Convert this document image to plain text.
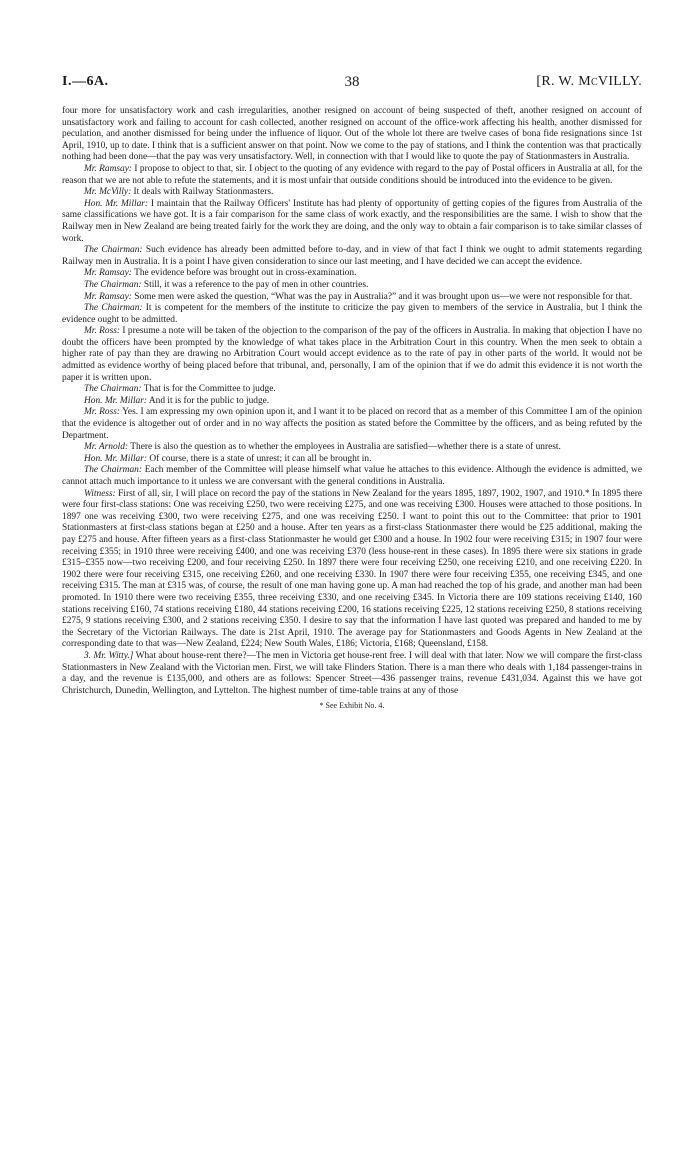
I.—6A.	38	[R. W. McVILLY.

four more for unsatisfactory work and cash irregularities, another resigned on account of being suspected of theft, another resigned on account of unsatisfactory work and failing to account for cash collected, another resigned on account of the office-work affecting his health, another dismissed for peculation, and another dismissed for being under the influence of liquor. Out of the whole lot there are twelve cases of bona fide resignations since 1st April, 1910, up to date. I think that is a sufficient answer on that point. Now we come to the pay of stations, and I think the contention was that practically nothing had been done—that the pay was very unsatisfactory. Well, in connection with that I would like to quote the pay of Stationmasters in Australia.

Mr. Ramsay: I propose to object to that, sir. I object to the quoting of any evidence with regard to the pay of Postal officers in Australia at all, for the reason that we are not able to refute the statements, and it is most unfair that outside conditions should be introduced into the evidence to be given.

Mr. McVilly: It deals with Railway Stationmasters.

Hon. Mr. Millar: I maintain that the Railway Officers' Institute has had plenty of opportunity of getting copies of the figures from Australia of the same classifications we have got. It is a fair comparison for the same class of work exactly, and the responsibilities are the same. I wish to show that the Railway men in New Zealand are being treated fairly for the work they are doing, and the only way to obtain a fair comparison is to take similar classes of work.

The Chairman: Such evidence has already been admitted before to-day, and in view of that fact I think we ought to admit statements regarding Railway men in Australia. It is a point I have given consideration to since our last meeting, and I have decided we can accept the evidence.

Mr. Ramsay: The evidence before was brought out in cross-examination.

The Chairman: Still, it was a reference to the pay of men in other countries.

Mr. Ramsay: Some men were asked the question, “What was the pay in Australia?” and it was brought upon us—we were not responsible for that.

The Chairman: It is competent for the members of the institute to criticize the pay given to members of the service in Australia, but I think the evidence ought to be admitted.

Mr. Ross: I presume a note will be taken of the objection to the comparison of the pay of the officers in Australia. In making that objection I have no doubt the officers have been prompted by the knowledge of what takes place in the Arbitration Court in this country. When the men seek to obtain a higher rate of pay than they are drawing no Arbitration Court would accept evidence as to the rate of pay in other parts of the world. It would not be admitted as evidence worthy of being placed before that tribunal, and, personally, I am of the opinion that if we do admit this evidence it is not worth the paper it is written upon.

The Chairman: That is for the Committee to judge.

Hon. Mr. Millar: And it is for the public to judge.

Mr. Ross: Yes. I am expressing my own opinion upon it, and I want it to be placed on record that as a member of this Committee I am of the opinion that the evidence is altogether out of order and in no way affects the position as stated before the Committee by the officers, and as being refuted by the Department.

Mr. Arnold: There is also the question as to whether the employees in Australia are satisfied—whether there is a state of unrest.

Hon. Mr. Millar: Of course, there is a state of unrest; it can all be brought in.

The Chairman: Each member of the Committee will please himself what value he attaches to this evidence. Although the evidence is admitted, we cannot attach much importance to it unless we are conversant with the general conditions in Australia.

Witness: First of all, sir, I will place on record the pay of the stations in New Zealand for the years 1895, 1897, 1902, 1907, and 1910.* In 1895 there were four first-class stations: One was receiving £250, two were receiving £275, and one was receiving £300. Houses were attached to those positions. In 1897 one was receiving £300, two were receiving £275, and one was receiving £250. I want to point this out to the Committee: that prior to 1901 Stationmasters at first-class stations began at £250 and a house. After ten years as a first-class Stationmaster there would be £25 additional, making the pay £275 and house. After fifteen years as a first-class Stationmaster he would get £300 and a house. In 1902 four were receiving £315; in 1907 four were receiving £355; in 1910 three were receiving £400, and one was receiving £370 (less house-rent in these cases). In 1895 there were six stations in grade £315–£355 now—two receiving £200, and four receiving £250. In 1897 there were four receiving £250, one receiving £210, and one receiving £220. In 1902 there were four receiving £315, one receiving £260, and one receiving £330. In 1907 there were four receiving £355, one receiving £345, and one receiving £315. The man at £315 was, of course, the result of one man having gone up. A man had reached the top of his grade, and another man had been promoted. In 1910 there were two receiving £355, three receiving £330, and one receiving £345. In Victoria there are 109 stations receiving £140, 160 stations receiving £160, 74 stations receiving £180, 44 stations receiving £200, 16 stations receiving £225, 12 stations receiving £250, 8 stations receiving £275, 9 stations receiving £300, and 2 stations receiving £350. I desire to say that the information I have last quoted was prepared and handed to me by the Secretary of the Victorian Railways. The date is 21st April, 1910. The average pay for Stationmasters and Goods Agents in New Zealand at the corresponding date to that was—New Zealand, £224; New South Wales, £186; Victoria, £168; Queensland, £158.

3. Mr. Witty.] What about house-rent there?—The men in Victoria get house-rent free. I will deal with that later. Now we will compare the first-class Stationmasters in New Zealand with the Victorian men. First, we will take Flinders Station. There is a man there who deals with 1,184 passenger-trains in a day, and the revenue is £135,000, and others are as follows: Spencer Street—436 passenger trains, revenue £431,034. Against this we have got Christchurch, Dunedin, Wellington, and Lyttelton. The highest number of time-table trains at any of those

* See Exhibit No. 4.
